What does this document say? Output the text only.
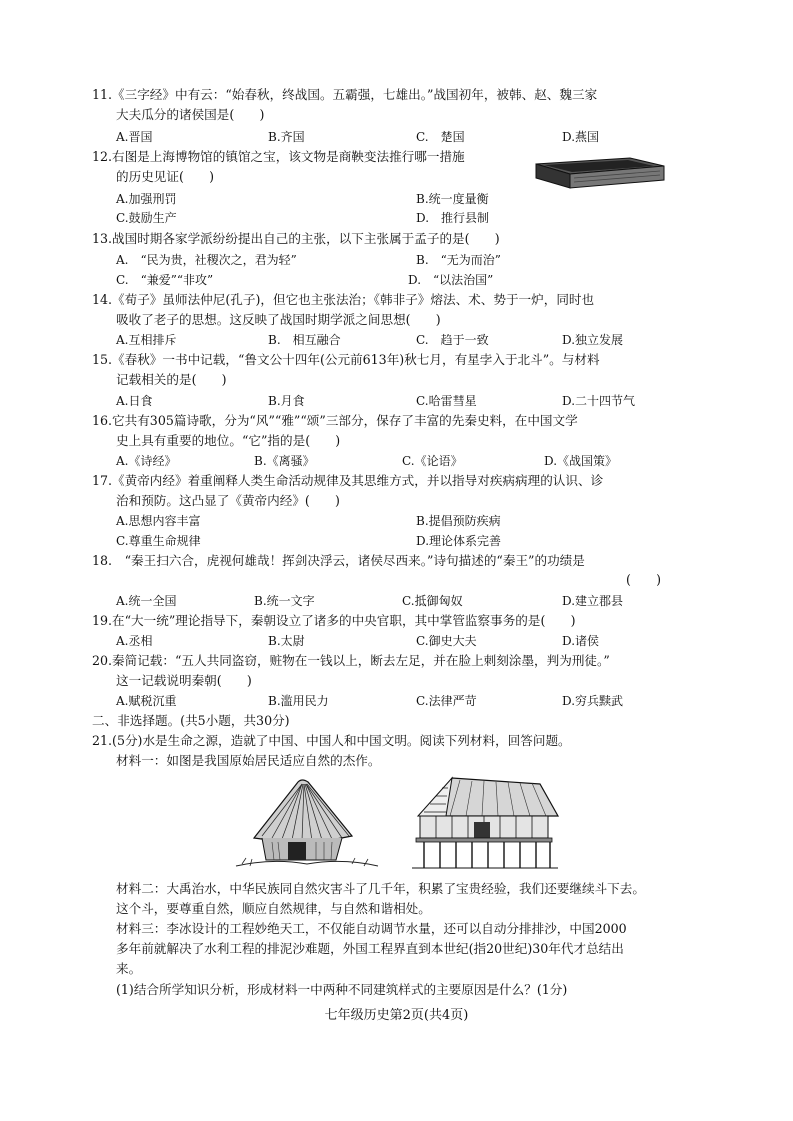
11.《三字经》中有云：“始春秋，终战国。五霸强，七雄出。”战国初年，被韩、赵、魏三家
大夫瓜分的诸侯国是(　　)
A.晋国	B.齐国	C.　楚国	D.燕国
12.右图是上海博物馆的镇馆之宝，该文物是商鞅变法推行哪一措施
的历史见证(　　)
A.加强刑罚	B.统一度量衡
C.鼓励生产	D.　推行县制
13.战国时期各家学派纷纷提出自己的主张，以下主张属于孟子的是(　　)
A.　“民为贵，社稷次之，君为轻”	B.　“无为而治”
C.　“兼爱”“非攻”	D.　“以法治国”
14.《荀子》虽师法仲尼(孔子)，但它也主张法治；《韩非子》熔法、术、势于一炉，同时也
吸收了老子的思想。这反映了战国时期学派之间思想(　　)
A.互相排斥	B.　相互融合	C.　趋于一致	D.独立发展
15.《春秋》一书中记载，“鲁文公十四年(公元前613年)秋七月，有星孛入于北斗”。与材料
记载相关的是(　　)
A.日食	B.月食	C.哈雷彗星	D.二十四节气
16.它共有305篇诗歌，分为“风”“雅”“颂”三部分，保存了丰富的先秦史料，在中国文学
史上具有重要的地位。“它”指的是(　　)
A.《诗经》	B.《离骚》	C.《论语》	D.《战国策》
17.《黄帝内经》着重阐释人类生命活动规律及其思维方式，并以指导对疾病病理的认识、诊
治和预防。这凸显了《黄帝内经》(　　)
A.思想内容丰富	B.提倡预防疾病
C.尊重生命规律	D.理论体系完善
18.　“秦王扫六合，虎视何雄哉！挥剑决浮云，诸侯尽西来。”诗句描述的“秦王”的功绩是
(　　)
A.统一全国	B.统一文字	C.抵御匈奴	D.建立郡县
19.在“大一统”理论指导下，秦朝设立了诸多的中央官职，其中掌管监察事务的是(　　)
A.丞相	B.太尉	C.御史大夫	D.诸侯
20.秦简记载：“五人共同盗窃，赃物在一钱以上，断去左足，并在脸上刺刻涂墨，判为刑徒。”
这一记载说明秦朝(　　)
A.赋税沉重	B.滥用民力	C.法律严苛	D.穷兵黩武
二、非选择题。(共5小题，共30分)
21.(5分)水是生命之源，造就了中国、中国人和中国文明。阅读下列材料，回答问题。
材料一：如图是我国原始居民适应自然的杰作。
材料二：大禹治水，中华民族同自然灾害斗了几千年，积累了宝贵经验，我们还要继续斗下去。
这个斗，要尊重自然，顺应自然规律，与自然和谐相处。
材料三：李冰设计的工程妙绝天工，不仅能自动调节水量，还可以自动分排排沙，中国2000
多年前就解决了水利工程的排泥沙难题，外国工程界直到本世纪(指20世纪)30年代才总结出
来。
(1)结合所学知识分析，形成材料一中两种不同建筑样式的主要原因是什么？(1分)
七年级历史第2页(共4页)
